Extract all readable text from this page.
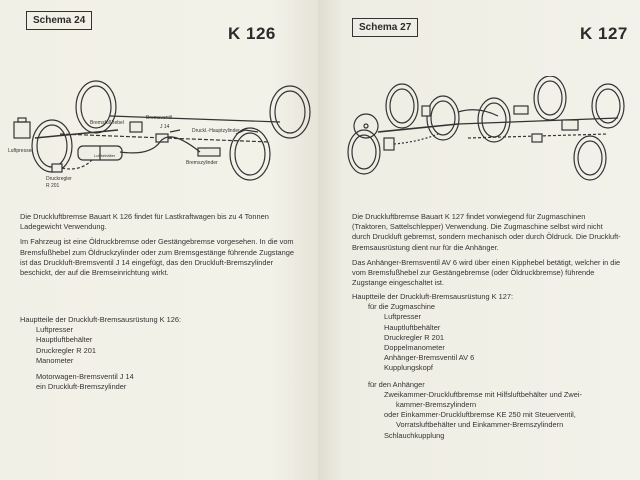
Schema 24
K 126
Luftpresser
Bremsfußhebel
Bremsventil
J 14
Druckregler
R 201
Luftbehälter
Druckl.-Hauptzylinder
Bremszylinder

Die Druckluftbremse Bauart K 126 findet für Lastkraftwagen bis zu 4 Tonnen Ladegewicht Verwendung.

Im Fahrzeug ist eine Öldruckbremse oder Gestängebremse vorgesehen. In die vom Bremsfußhebel zum Öldruckzylinder oder zum Bremsgestänge führende Zugstange ist das Druckluft-Bremsventil J 14 eingefügt, das den Druckluft-Bremszylinder beschickt, der auf die Bremseinrichtung wirkt.

Hauptteile der Druckluft-Bremsausrüstung K 126:
Luftpresser
Hauptluftbehälter
Druckregler R 201
Manometer
Motorwagen-Bremsventil J 14
ein Druckluft-Bremszylinder
Schema 27	K 127

Die Druckluftbremse Bauart K 127 findet vorwiegend für Zugmaschinen (Traktoren, Sattelschlepper) Verwendung. Die Zugmaschine selbst wird nicht durch Druckluft gebremst, sondern mechanisch oder durch Öldruck. Die Druckluft-Bremsausrüstung dient nur für die Anhänger.

Das Anhänger-Bremsventil AV 6 wird über einen Kipphebel betätigt, welcher in die vom Bremsfußhebel zur Gestängebremse (oder Öldruckbremse) führende Zugstange eingeschaltet ist.

Hauptteile der Druckluft-Bremsausrüstung K 127:
für die Zugmaschine
Luftpresser
Hauptluftbehälter
Druckregler R 201
Doppelmanometer
Anhänger-Bremsventil AV 6
Kupplungskopf
für den Anhänger
Zweikammer-Druckluftbremse mit Hilfsluftbehälter und Zwei-
kammer-Bremszylindern
oder Einkammer-Druckluftbremse KE 250 mit Steuerventil,
Vorratsluftbehälter und Einkammer-Bremszylindern
Schlauchkupplung
